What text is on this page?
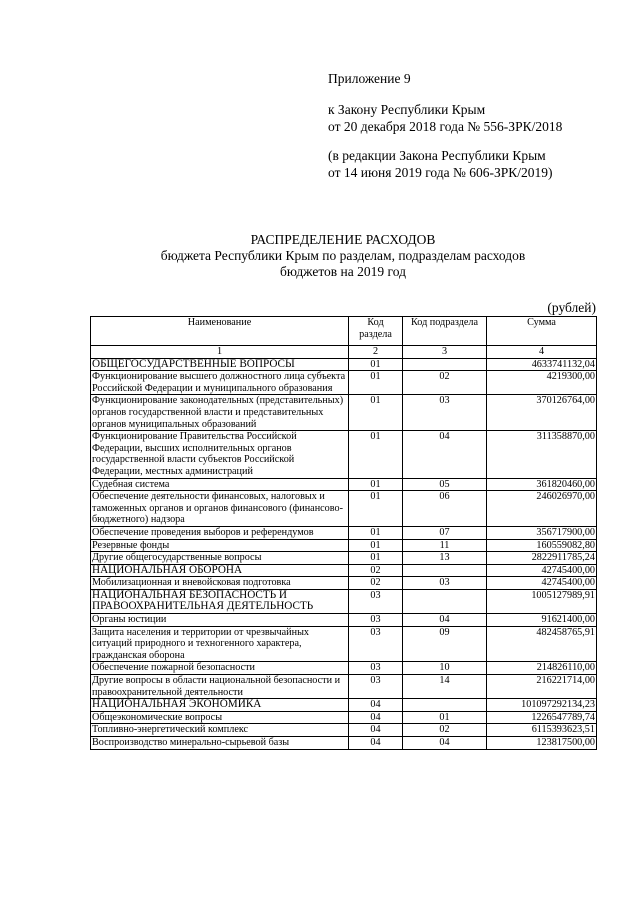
Приложение 9
к Закону Республики Крым
от 20 декабря 2018 года № 556-ЗРК/2018
(в редакции Закона Республики Крым
от 14 июня 2019 года № 606-ЗРК/2019)
РАСПРЕДЕЛЕНИЕ РАСХОДОВ
бюджета Республики Крым по разделам, подразделам расходов
бюджетов на 2019 год
(рублей)
Наименование	Код раздела	Код подраздела	Сумма
1	2	3	4
ОБЩЕГОСУДАРСТВЕННЫЕ ВОПРОСЫ	01		4633741132,04
Функционирование высшего должностного лица субъекта Российской Федерации и муниципального образования	01	02	4219300,00
Функционирование законодательных (представительных) органов государственной власти и представительных органов муниципальных образований	01	03	370126764,00
Функционирование Правительства Российской Федерации, высших исполнительных органов государственной власти субъектов Российской Федерации, местных администраций	01	04	311358870,00
Судебная система	01	05	361820460,00
Обеспечение деятельности финансовых, налоговых и таможенных органов и органов финансового (финансово-бюджетного) надзора	01	06	246026970,00
Обеспечение проведения выборов и референдумов	01	07	356717900,00
Резервные фонды	01	11	160559082,80
Другие общегосударственные вопросы	01	13	2822911785,24
НАЦИОНАЛЬНАЯ ОБОРОНА	02		42745400,00
Мобилизационная и вневойсковая подготовка	02	03	42745400,00
НАЦИОНАЛЬНАЯ БЕЗОПАСНОСТЬ И ПРАВООХРАНИТЕЛЬНАЯ ДЕЯТЕЛЬНОСТЬ	03		1005127989,91
Органы юстиции	03	04	91621400,00
Защита населения и территории от чрезвычайных ситуаций природного и техногенного характера, гражданская оборона	03	09	482458765,91
Обеспечение пожарной безопасности	03	10	214826110,00
Другие вопросы в области национальной безопасности и правоохранительной деятельности	03	14	216221714,00
НАЦИОНАЛЬНАЯ ЭКОНОМИКА	04		101097292134,23
Общеэкономические вопросы	04	01	1226547789,74
Топливно-энергетический комплекс	04	02	6115393623,51
Воспроизводство минерально-сырьевой базы	04	04	123817500,00
